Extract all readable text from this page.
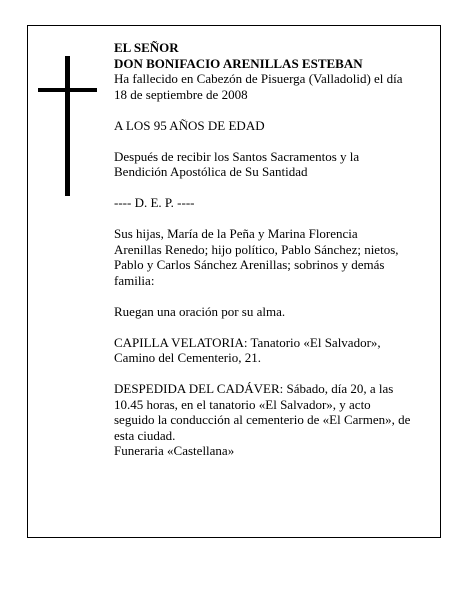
EL SEÑOR

DON BONIFACIO ARENILLAS ESTEBAN

Ha fallecido en Cabezón de Pisuerga (Valladolid) el día

18 de septiembre de 2008

A LOS 95 AÑOS DE EDAD

Después de recibir los Santos Sacramentos y la

Bendición Apostólica de Su Santidad

---- D. E. P. ----

Sus hijas, María de la Peña y Marina Florencia

Arenillas Renedo; hijo político, Pablo Sánchez; nietos,

Pablo y Carlos Sánchez Arenillas; sobrinos y demás

familia:

Ruegan una oración por su alma.

CAPILLA VELATORIA: Tanatorio «El Salvador»,

Camino del Cementerio, 21.

DESPEDIDA DEL CADÁVER: Sábado, día 20, a las

10.45 horas, en el tanatorio «El Salvador», y acto

seguido la conducción al cementerio de «El Carmen», de

esta ciudad.

Funeraria «Castellana»
